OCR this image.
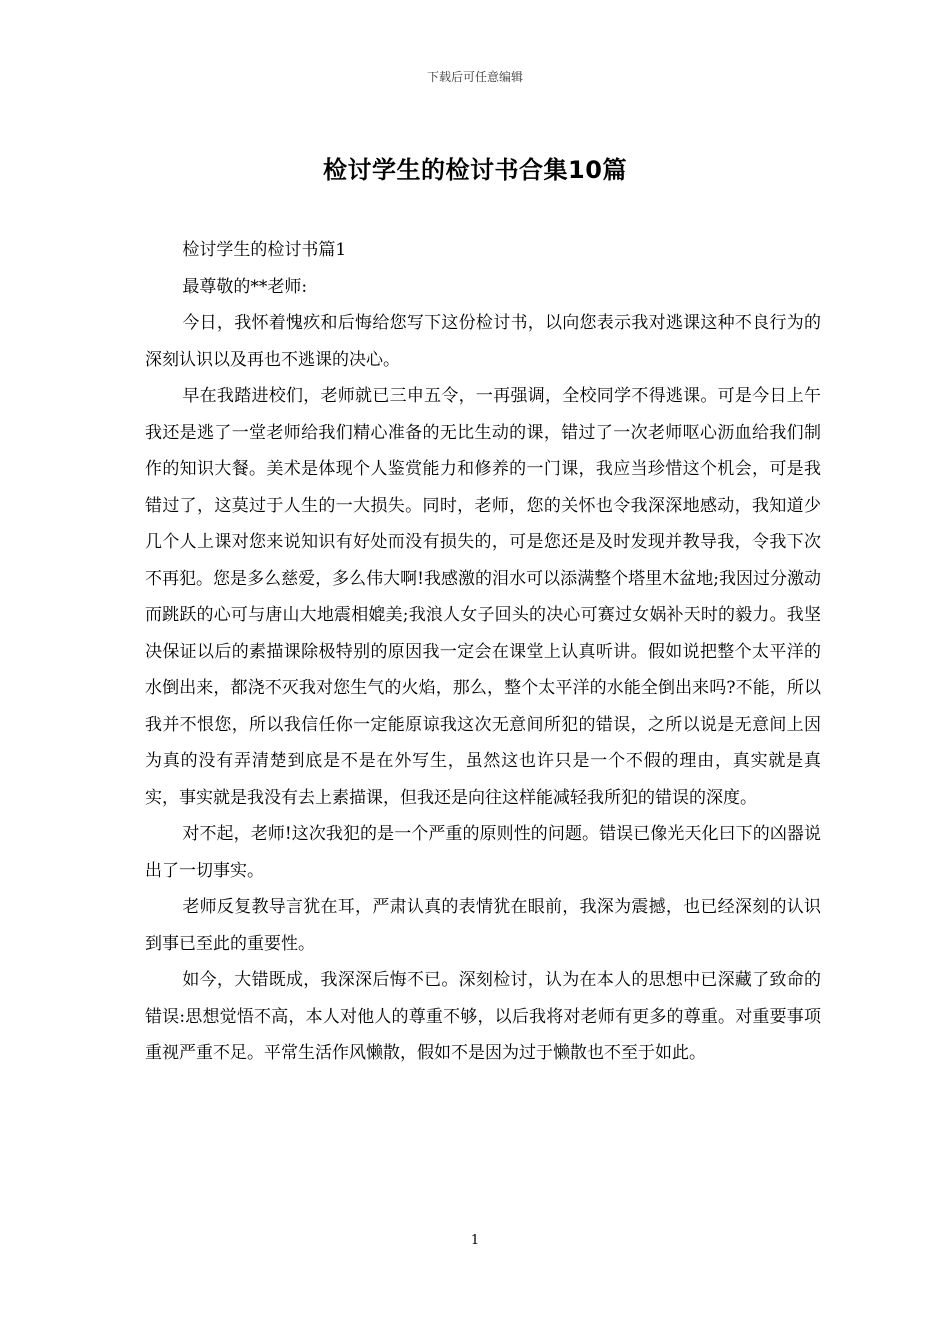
下载后可任意编辑
检讨学生的检讨书合集10篇

检讨学生的检讨书篇1

最尊敬的**老师:

今日，我怀着愧疚和后悔给您写下这份检讨书，以向您表示我对逃课这种不良行为的深刻认识以及再也不逃课的决心。

早在我踏进校们，老师就已三申五令，一再强调，全校同学不得逃课。可是今日上午我还是逃了一堂老师给我们精心准备的无比生动的课，错过了一次老师呕心沥血给我们制作的知识大餐。美术是体现个人鉴赏能力和修养的一门课，我应当珍惜这个机会，可是我错过了，这莫过于人生的一大损失。同时，老师，您的关怀也令我深深地感动，我知道少几个人上课对您来说知识有好处而没有损失的，可是您还是及时发现并教导我，令我下次不再犯。您是多么慈爱，多么伟大啊!我感激的泪水可以添满整个塔里木盆地;我因过分激动而跳跃的心可与唐山大地震相媲美;我浪人女子回头的决心可赛过女娲补天时的毅力。我坚决保证以后的素描课除极特别的原因我一定会在课堂上认真听讲。假如说把整个太平洋的水倒出来，都浇不灭我对您生气的火焰，那么，整个太平洋的水能全倒出来吗?不能，所以我并不恨您，所以我信任你一定能原谅我这次无意间所犯的错误，之所以说是无意间上因为真的没有弄清楚到底是不是在外写生，虽然这也许只是一个不假的理由，真实就是真实，事实就是我没有去上素描课，但我还是向往这样能减轻我所犯的错误的深度。

对不起，老师!这次我犯的是一个严重的原则性的问题。错误已像光天化曰下的凶器说出了一切事实。

老师反复教导言犹在耳，严肃认真的表情犹在眼前，我深为震撼，也已经深刻的认识到事已至此的重要性。

如今，大错既成，我深深后悔不已。深刻检讨，认为在本人的思想中已深藏了致命的错误:思想觉悟不高，本人对他人的尊重不够，以后我将对老师有更多的尊重。对重要事项重视严重不足。平常生活作风懒散，假如不是因为过于懒散也不至于如此。

1
